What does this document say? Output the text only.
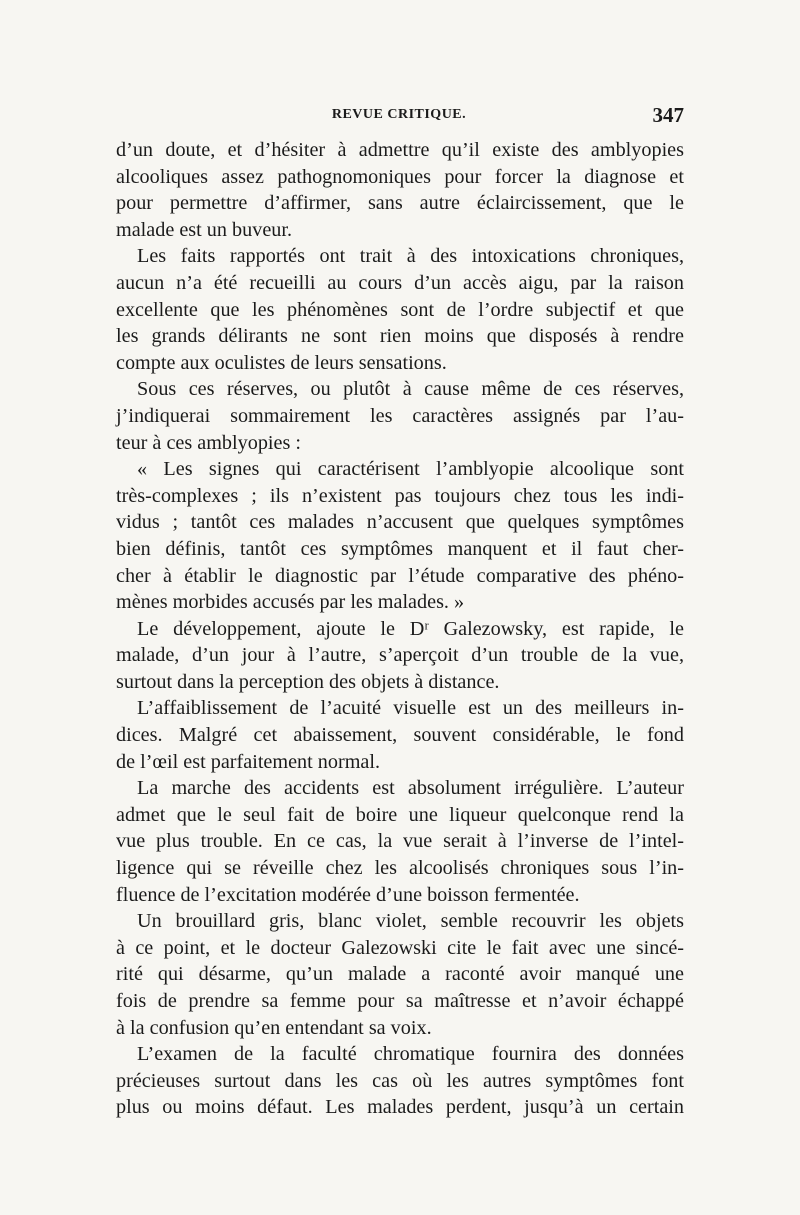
REVUE CRITIQUE.	347
d’un doute, et d’hésiter à admettre qu’il existe des amblyopies
alcooliques assez pathognomoniques pour forcer la diagnose et
pour permettre d’affirmer, sans autre éclaircissement, que le
malade est un buveur.
Les faits rapportés ont trait à des intoxications chroniques,
aucun n’a été recueilli au cours d’un accès aigu, par la raison
excellente que les phénomènes sont de l’ordre subjectif et que
les grands délirants ne sont rien moins que disposés à rendre
compte aux oculistes de leurs sensations.
Sous ces réserves, ou plutôt à cause même de ces réserves,
j’indiquerai sommairement les caractères assignés par l’au-
teur à ces amblyopies :
« Les signes qui caractérisent l’amblyopie alcoolique sont
très-complexes ; ils n’existent pas toujours chez tous les indi-
vidus ; tantôt ces malades n’accusent que quelques symptômes
bien définis, tantôt ces symptômes manquent et il faut cher-
cher à établir le diagnostic par l’étude comparative des phéno-
mènes morbides accusés par les malades. »
Le développement, ajoute le Dʳ Galezowsky, est rapide, le
malade, d’un jour à l’autre, s’aperçoit d’un trouble de la vue,
surtout dans la perception des objets à distance.
L’affaiblissement de l’acuité visuelle est un des meilleurs in-
dices. Malgré cet abaissement, souvent considérable, le fond
de l’œil est parfaitement normal.
La marche des accidents est absolument irrégulière. L’auteur
admet que le seul fait de boire une liqueur quelconque rend la
vue plus trouble. En ce cas, la vue serait à l’inverse de l’intel-
ligence qui se réveille chez les alcoolisés chroniques sous l’in-
fluence de l’excitation modérée d’une boisson fermentée.
Un brouillard gris, blanc violet, semble recouvrir les objets
à ce point, et le docteur Galezowski cite le fait avec une sincé-
rité qui désarme, qu’un malade a raconté avoir manqué une
fois de prendre sa femme pour sa maîtresse et n’avoir échappé
à la confusion qu’en entendant sa voix.
L’examen de la faculté chromatique fournira des données
précieuses surtout dans les cas où les autres symptômes font
plus ou moins défaut. Les malades perdent, jusqu’à un certain
